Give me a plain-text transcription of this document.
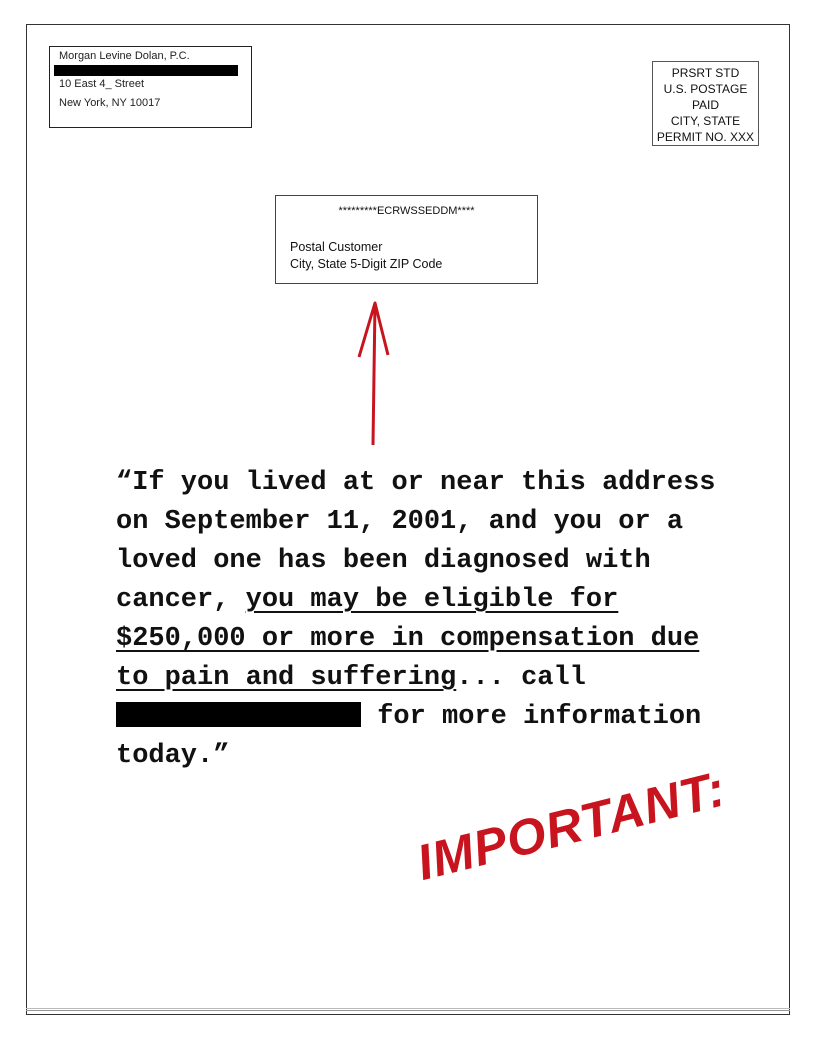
Morgan Levine Dolan, P.C.
10 East 4_ Street
New York, NY 10017
PRSRT STD
U.S. POSTAGE
PAID
CITY, STATE
PERMIT NO. XXX
*********ECRWSSEDDM****
Postal Customer
City, State 5-Digit ZIP Code
“If you lived at or near this address on September 11, 2001, and you or a loved one has been diagnosed with cancer, you may be eligible for $250,000 or more in compensation due to pain and suffering... call  for more information today.”
IMPORTANT:
